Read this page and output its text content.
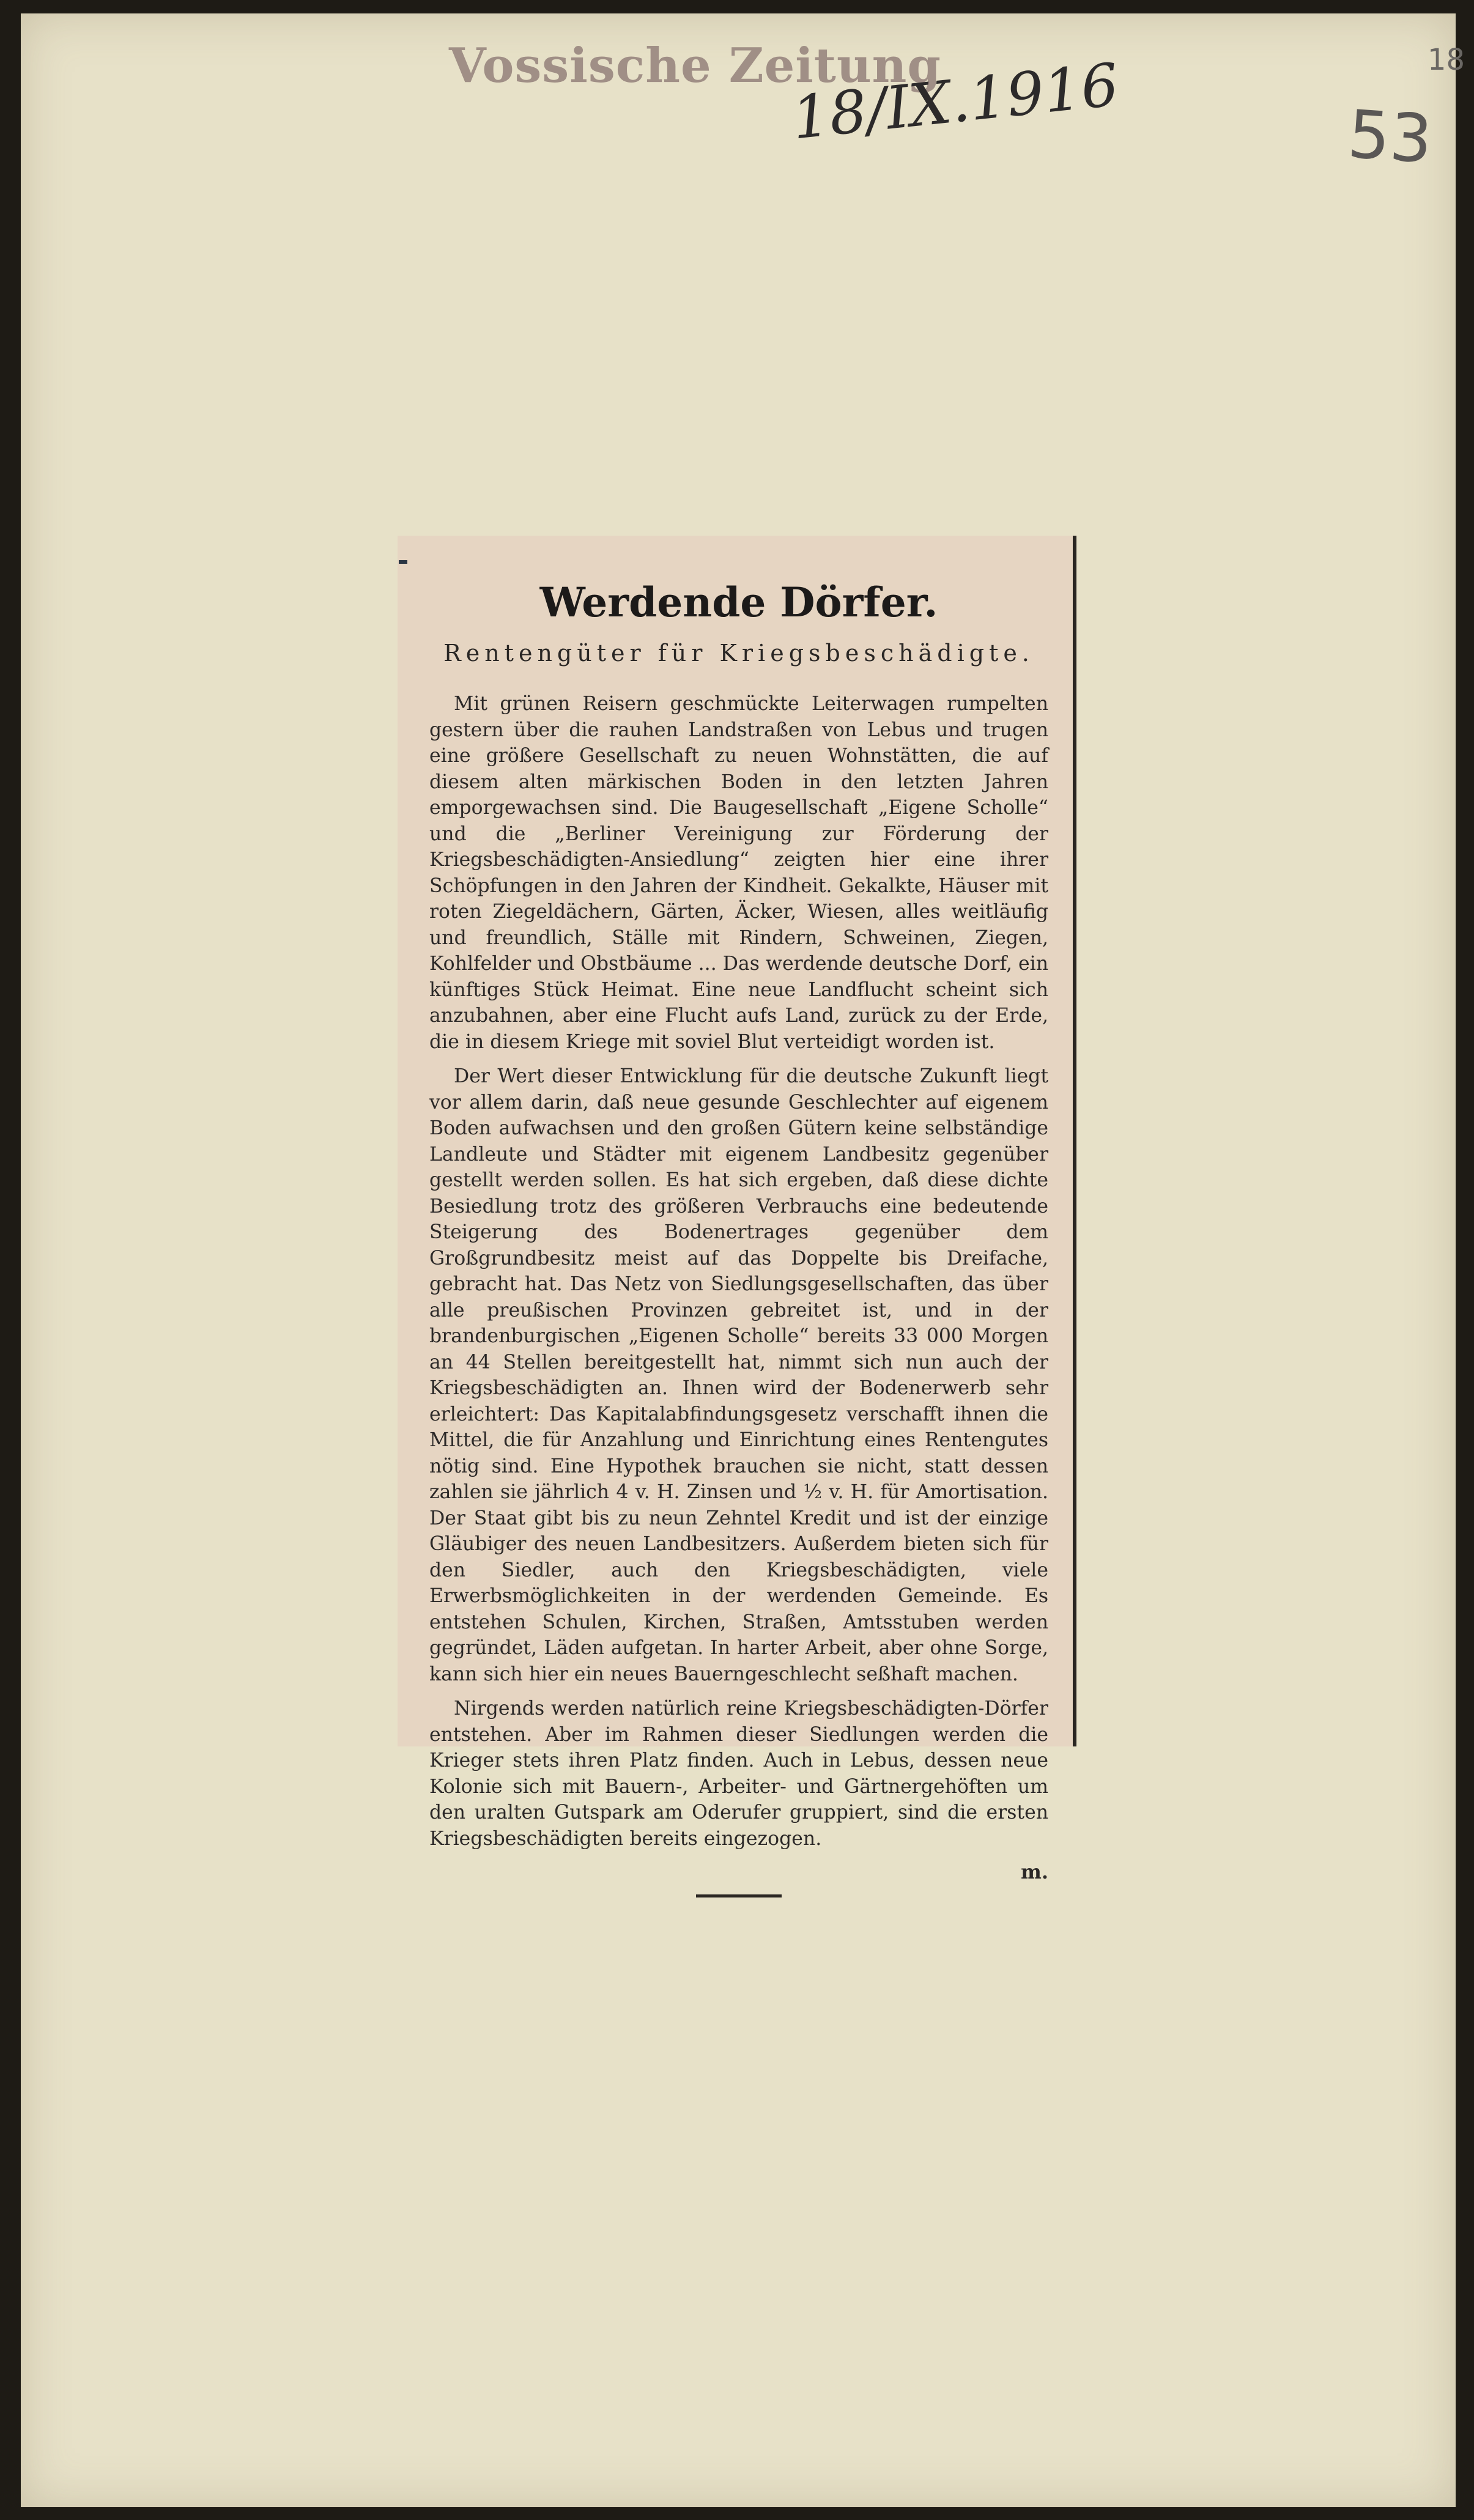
18
Vossische Zeitung
18/IX.1916	53
Werdende Dörfer.
Rentengüter für Kriegsbeschädigte.

Mit grünen Reisern geschmückte Leiterwagen rumpelten gestern über die rauhen Landstraßen von Lebus und trugen eine größere Gesellschaft zu neuen Wohnstätten, die auf diesem alten märkischen Boden in den letzten Jahren emporgewachsen sind. Die Baugesellschaft „Eigene Scholle“ und die „Berliner Vereinigung zur Förderung der Kriegsbeschädigten-Ansiedlung“ zeigten hier eine ihrer Schöpfungen in den Jahren der Kindheit. Gekalkte, Häuser mit roten Ziegeldächern, Gärten, Äcker, Wiesen, alles weitläufig und freundlich, Ställe mit Rindern, Schweinen, Ziegen, Kohlfelder und Obstbäume ... Das werdende deutsche Dorf, ein künftiges Stück Heimat. Eine neue Landflucht scheint sich anzubahnen, aber eine Flucht aufs Land, zurück zu der Erde, die in diesem Kriege mit soviel Blut verteidigt worden ist.

Der Wert dieser Entwicklung für die deutsche Zukunft liegt vor allem darin, daß neue gesunde Geschlechter auf eigenem Boden aufwachsen und den großen Gütern keine selbständige Landleute und Städter mit eigenem Landbesitz gegenüber gestellt werden sollen. Es hat sich ergeben, daß diese dichte Besiedlung trotz des größeren Verbrauchs eine bedeutende Steigerung des Bodenertrages gegenüber dem Großgrundbesitz meist auf das Doppelte bis Dreifache, gebracht hat. Das Netz von Siedlungsgesellschaften, das über alle preußischen Provinzen gebreitet ist, und in der brandenburgischen „Eigenen Scholle“ bereits 33 000 Morgen an 44 Stellen bereitgestellt hat, nimmt sich nun auch der Kriegsbeschädigten an. Ihnen wird der Bodenerwerb sehr erleichtert: Das Kapitalabfindungsgesetz verschafft ihnen die Mittel, die für Anzahlung und Einrichtung eines Rentengutes nötig sind. Eine Hypothek brauchen sie nicht, statt dessen zahlen sie jährlich 4 v. H. Zinsen und ½ v. H. für Amortisation. Der Staat gibt bis zu neun Zehntel Kredit und ist der einzige Gläubiger des neuen Landbesitzers. Außerdem bieten sich für den Siedler, auch den Kriegsbeschädigten, viele Erwerbsmöglichkeiten in der werdenden Gemeinde. Es entstehen Schulen, Kirchen, Straßen, Amtsstuben werden gegründet, Läden aufgetan. In harter Arbeit, aber ohne Sorge, kann sich hier ein neues Bauerngeschlecht seßhaft machen.

Nirgends werden natürlich reine Kriegsbeschädigten-Dörfer entstehen. Aber im Rahmen dieser Siedlungen werden die Krieger stets ihren Platz finden. Auch in Lebus, dessen neue Kolonie sich mit Bauern-, Arbeiter- und Gärtnergehöften um den uralten Gutspark am Oderufer gruppiert, sind die ersten Kriegsbeschädigten bereits eingezogen.

m.
